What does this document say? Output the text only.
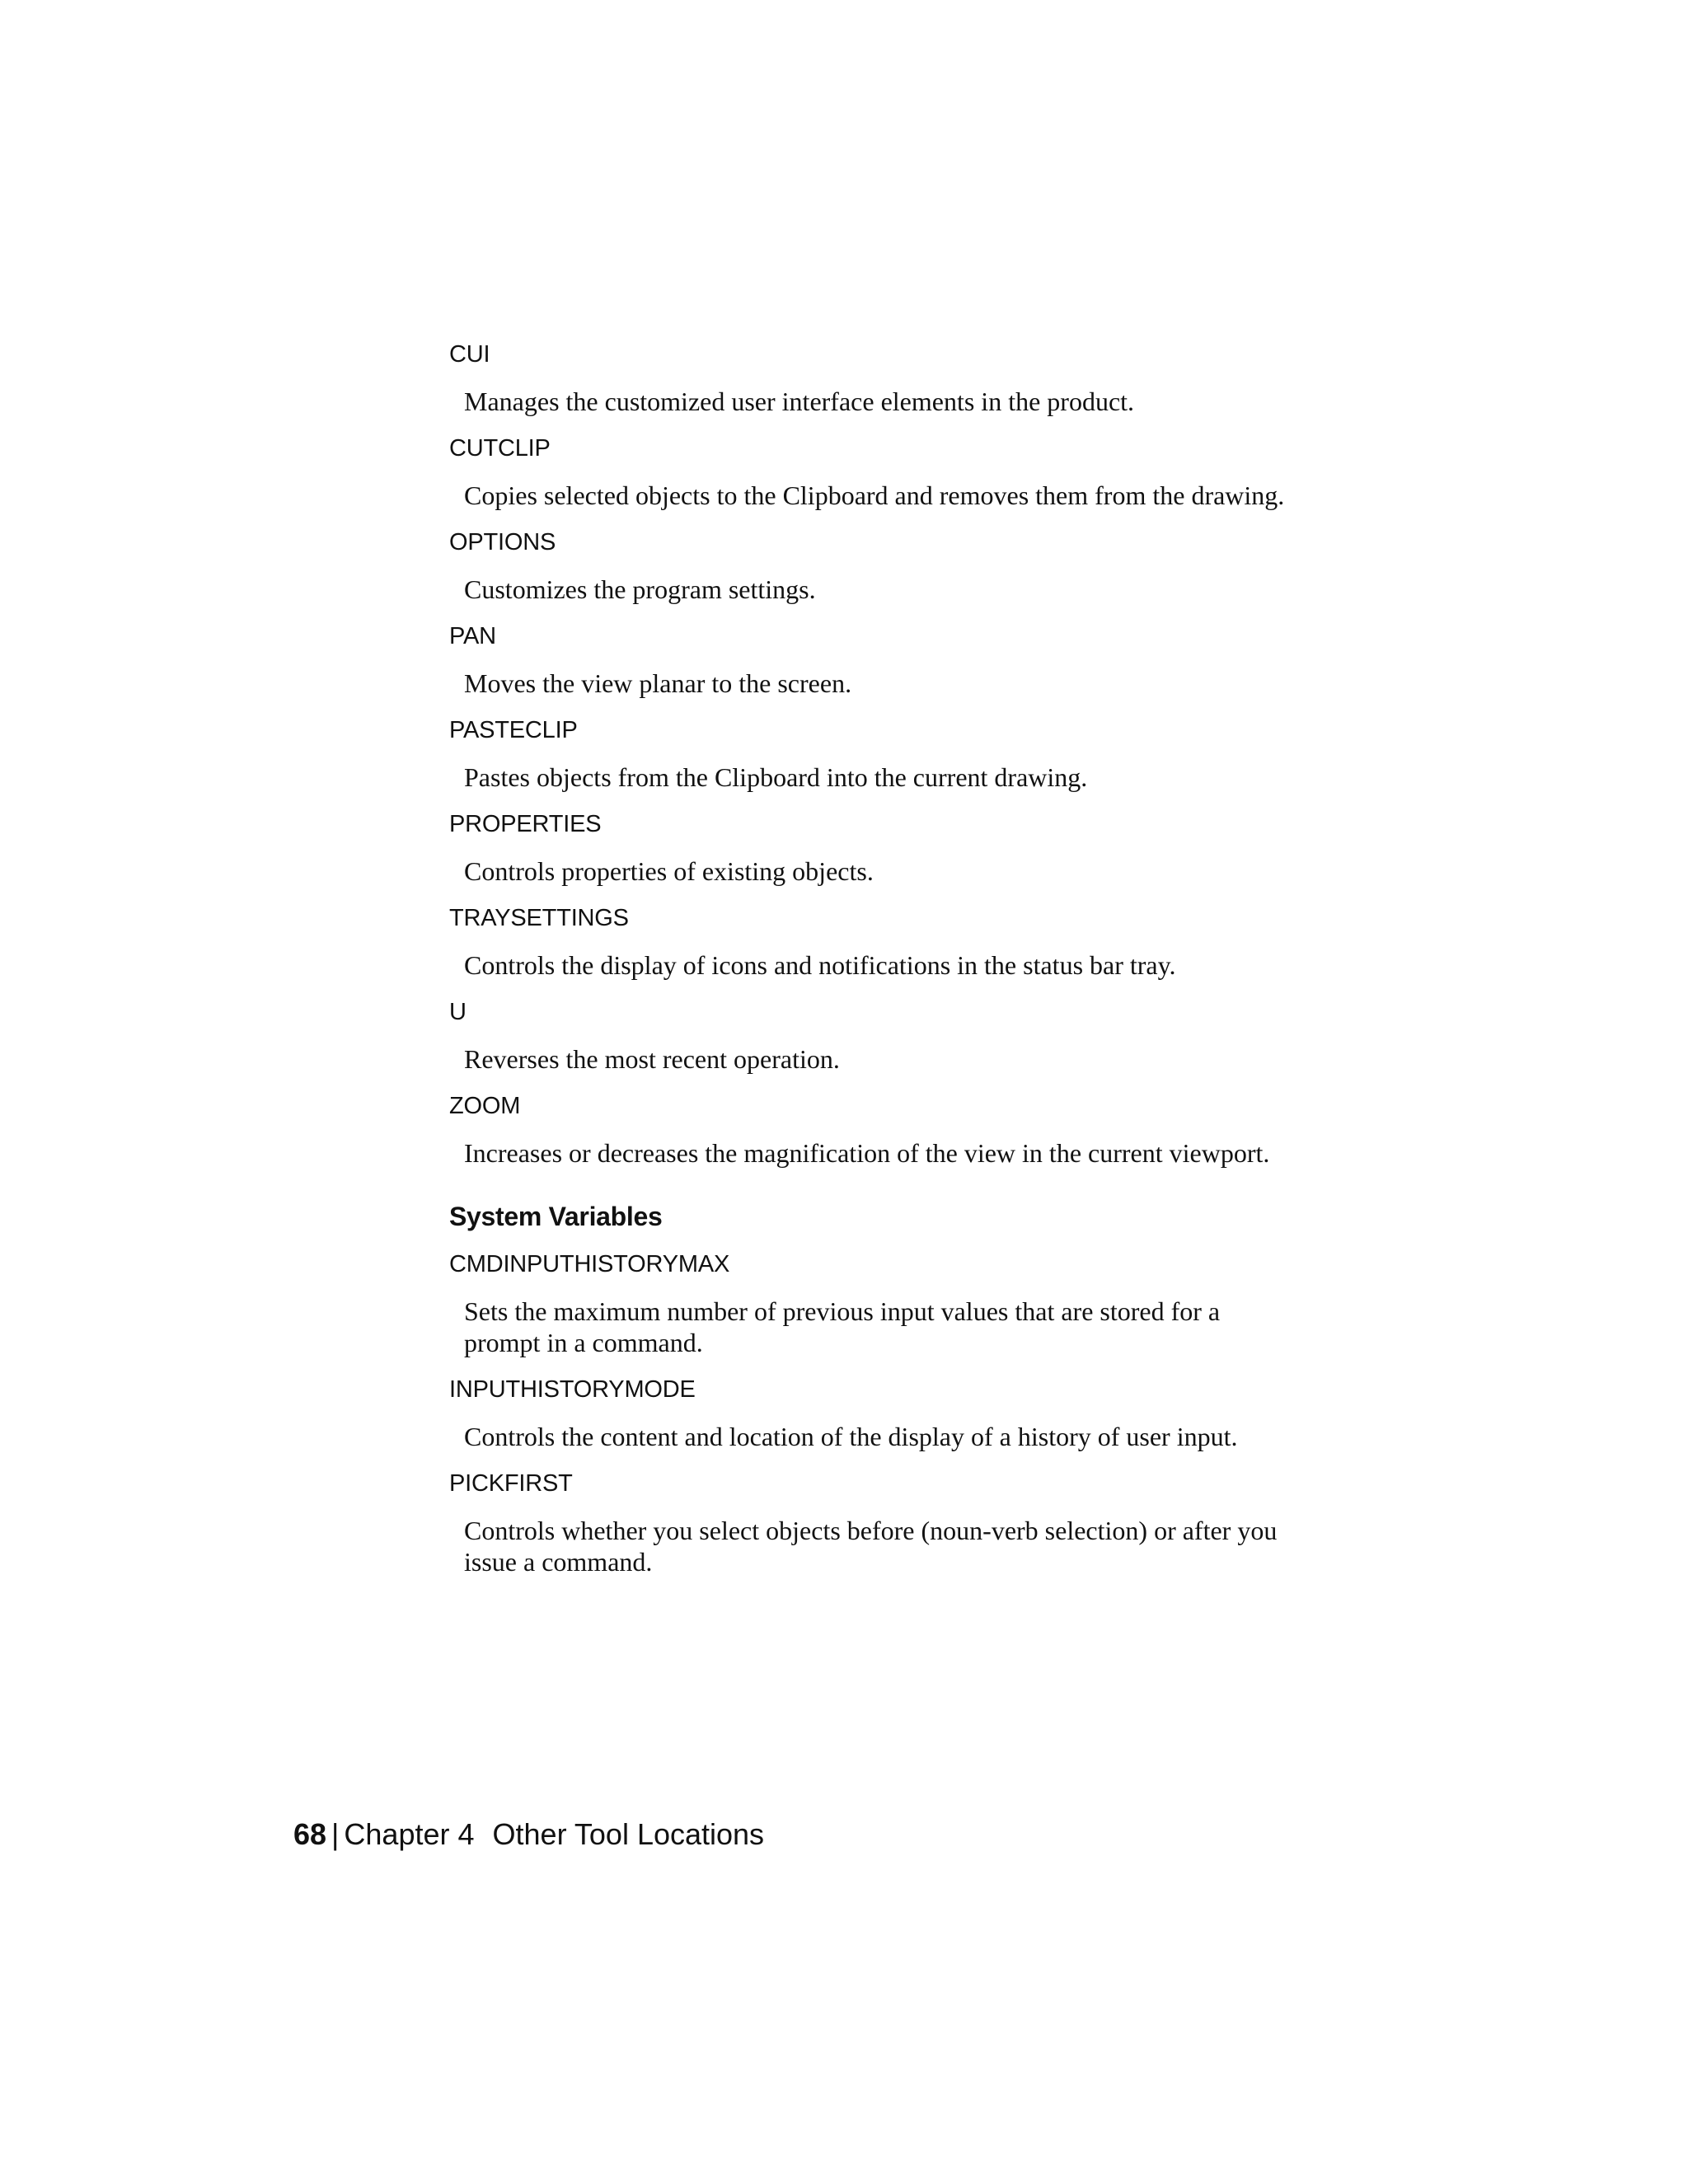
CUI
Manages the customized user interface elements in the product.
CUTCLIP
Copies selected objects to the Clipboard and removes them from the drawing.
OPTIONS
Customizes the program settings.
PAN
Moves the view planar to the screen.
PASTECLIP
Pastes objects from the Clipboard into the current drawing.
PROPERTIES
Controls properties of existing objects.
TRAYSETTINGS
Controls the display of icons and notifications in the status bar tray.
U
Reverses the most recent operation.
ZOOM
Increases or decreases the magnification of the view in the current viewport.
System Variables
CMDINPUTHISTORYMAX
Sets the maximum number of previous input values that are stored for a
prompt in a command.
INPUTHISTORYMODE
Controls the content and location of the display of a history of user input.
PICKFIRST
Controls whether you select objects before (noun-verb selection) or after you
issue a command.
68 | Chapter 4 Other Tool Locations
